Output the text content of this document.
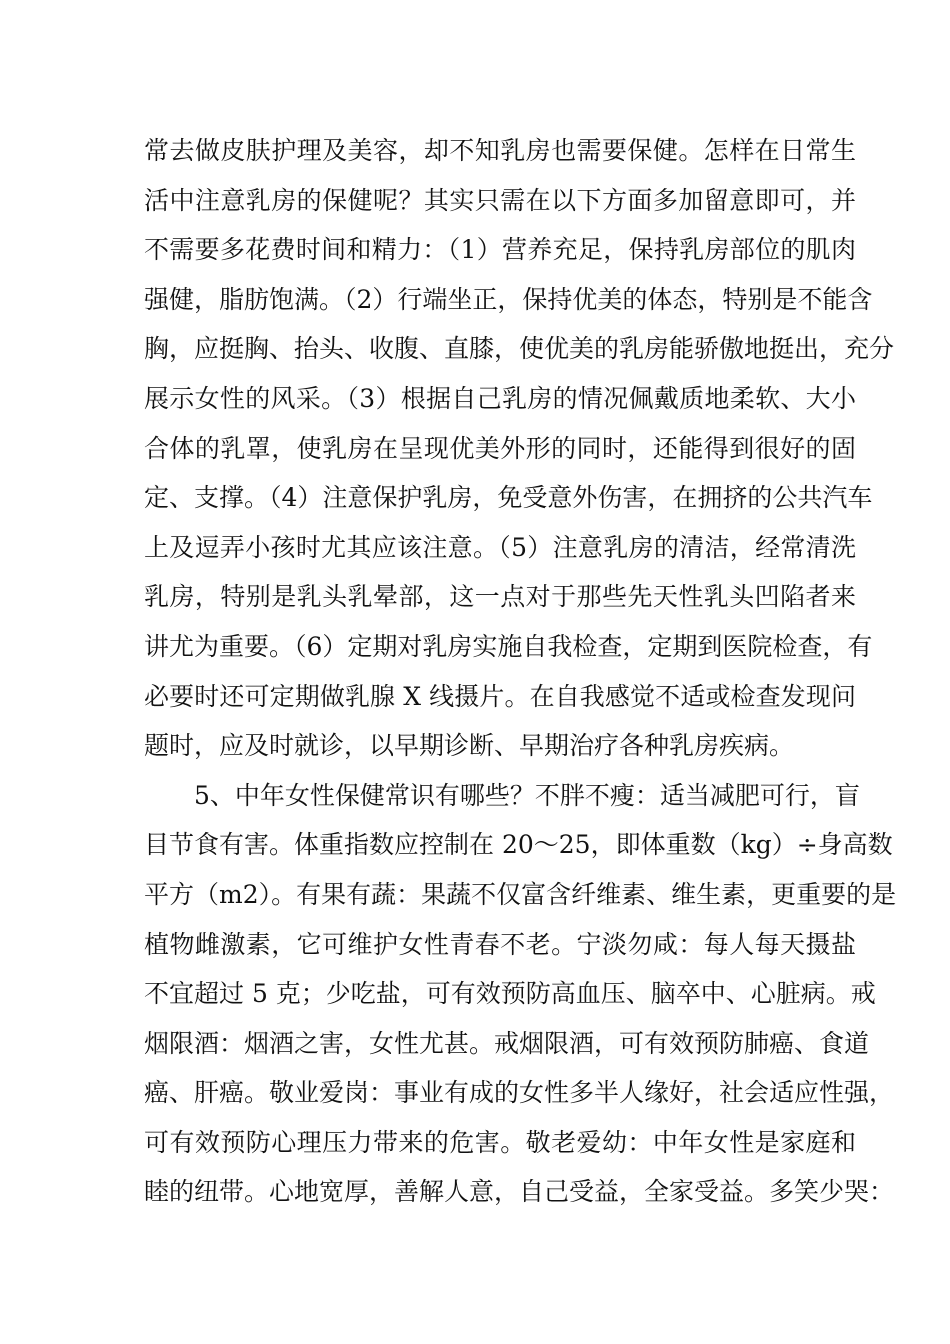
常去做皮肤护理及美容，却不知乳房也需要保健。怎样在日常生
活中注意乳房的保健呢？其实只需在以下方面多加留意即可，并
不需要多花费时间和精力：（1）营养充足，保持乳房部位的肌肉
强健，脂肪饱满。（2）行端坐正，保持优美的体态，特别是不能含
胸，应挺胸、抬头、收腹、直膝，使优美的乳房能骄傲地挺出，充分
展示女性的风采。（3）根据自己乳房的情况佩戴质地柔软、大小
合体的乳罩，使乳房在呈现优美外形的同时，还能得到很好的固
定、支撑。（4）注意保护乳房，免受意外伤害，在拥挤的公共汽车
上及逗弄小孩时尤其应该注意。（5）注意乳房的清洁，经常清洗
乳房，特别是乳头乳晕部，这一点对于那些先天性乳头凹陷者来
讲尤为重要。（6）定期对乳房实施自我检查，定期到医院检查，有
必要时还可定期做乳腺 X 线摄片。在自我感觉不适或检查发现问
题时，应及时就诊，以早期诊断、早期治疗各种乳房疾病。
5、中年女性保健常识有哪些？不胖不瘦：适当减肥可行，盲
目节食有害。体重指数应控制在 20～25，即体重数（kg）÷身高数
平方（m2）。有果有蔬：果蔬不仅富含纤维素、维生素，更重要的是
植物雌激素，它可维护女性青春不老。宁淡勿咸：每人每天摄盐
不宜超过 5 克；少吃盐，可有效预防高血压、脑卒中、心脏病。戒
烟限酒：烟酒之害，女性尤甚。戒烟限酒，可有效预防肺癌、食道
癌、肝癌。敬业爱岗：事业有成的女性多半人缘好，社会适应性强，
可有效预防心理压力带来的危害。敬老爱幼：中年女性是家庭和
睦的纽带。心地宽厚，善解人意，自己受益，全家受益。多笑少哭：
